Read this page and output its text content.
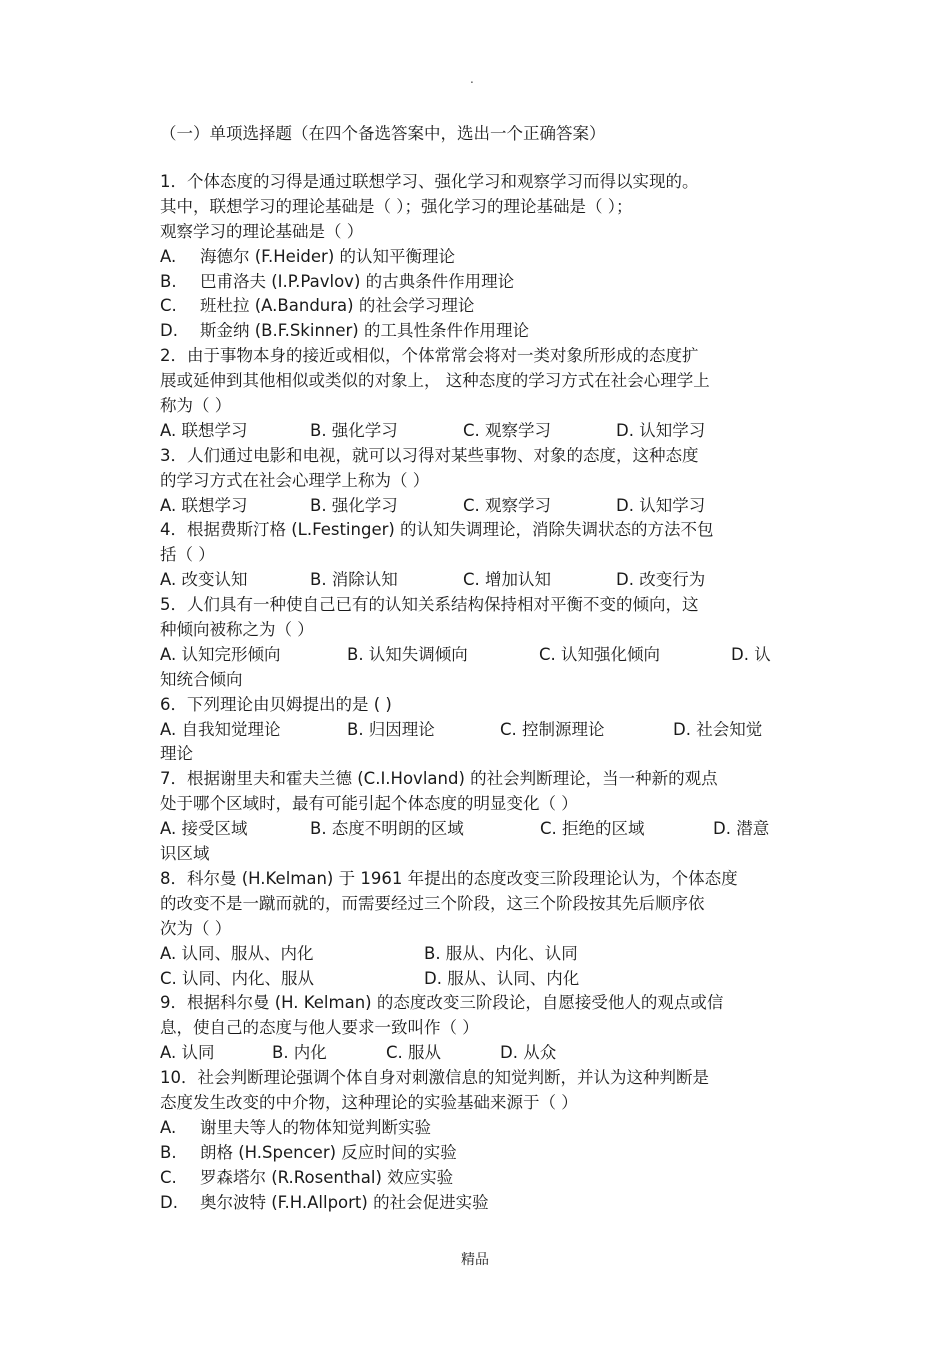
.
（一）单项选择题（在四个备选答案中，选出一个正确答案）
1．个体态度的习得是通过联想学习、强化学习和观察学习而得以实现的。
其中，联想学习的理论基础是（ ）；强化学习的理论基础是（ ）；
观察学习的理论基础是（ ）
A. 海德尔 (F.Heider) 的认知平衡理论
B. 巴甫洛夫 (I.P.Pavlov) 的古典条件作用理论
C. 班杜拉 (A.Bandura) 的社会学习理论
D. 斯金纳 (B.F.Skinner) 的工具性条件作用理论
2．由于事物本身的接近或相似，个体常常会将对一类对象所形成的态度扩
展或延伸到其他相似或类似的对象上， 这种态度的学习方式在社会心理学上
称为（ ）
A. 联想学习	B. 强化学习	C. 观察学习	D. 认知学习
3．人们通过电影和电视，就可以习得对某些事物、对象的态度，这种态度
的学习方式在社会心理学上称为（ ）
A. 联想学习	B. 强化学习	C. 观察学习	D. 认知学习
4．根据费斯汀格 (L.Festinger) 的认知失调理论，消除失调状态的方法不包
括（ ）
A. 改变认知	B. 消除认知	C. 增加认知	D. 改变行为
5．人们具有一种使自己已有的认知关系结构保持相对平衡不变的倾向，这
种倾向被称之为（ ）
A. 认知完形倾向	B. 认知失调倾向	C. 认知强化倾向	D. 认
知统合倾向
6．下列理论由贝姆提出的是 ( )
A. 自我知觉理论	B. 归因理论	C. 控制源理论	D. 社会知觉
理论
7．根据谢里夫和霍夫兰德 (C.I.Hovland) 的社会判断理论，当一种新的观点
处于哪个区域时，最有可能引起个体态度的明显变化（ ）
A. 接受区域	B. 态度不明朗的区域	C. 拒绝的区域	D. 潜意
识区域
8．科尔曼 (H.Kelman) 于 1961 年提出的态度改变三阶段理论认为，个体态度
的改变不是一蹴而就的，而需要经过三个阶段，这三个阶段按其先后顺序依
次为（ ）
A. 认同、服从、内化	B. 服从、内化、认同
C. 认同、内化、服从	D. 服从、认同、内化
9．根据科尔曼 (H. Kelman) 的态度改变三阶段论，自愿接受他人的观点或信
息，使自己的态度与他人要求一致叫作（ ）
A. 认同	B. 内化	C. 服从	D. 从众
10．社会判断理论强调个体自身对刺激信息的知觉判断，并认为这种判断是
态度发生改变的中介物，这种理论的实验基础来源于（ ）
A. 谢里夫等人的物体知觉判断实验
B. 朗格 (H.Spencer) 反应时间的实验
C. 罗森塔尔 (R.Rosenthal) 效应实验
D. 奥尔波特 (F.H.Allport) 的社会促进实验
精品
